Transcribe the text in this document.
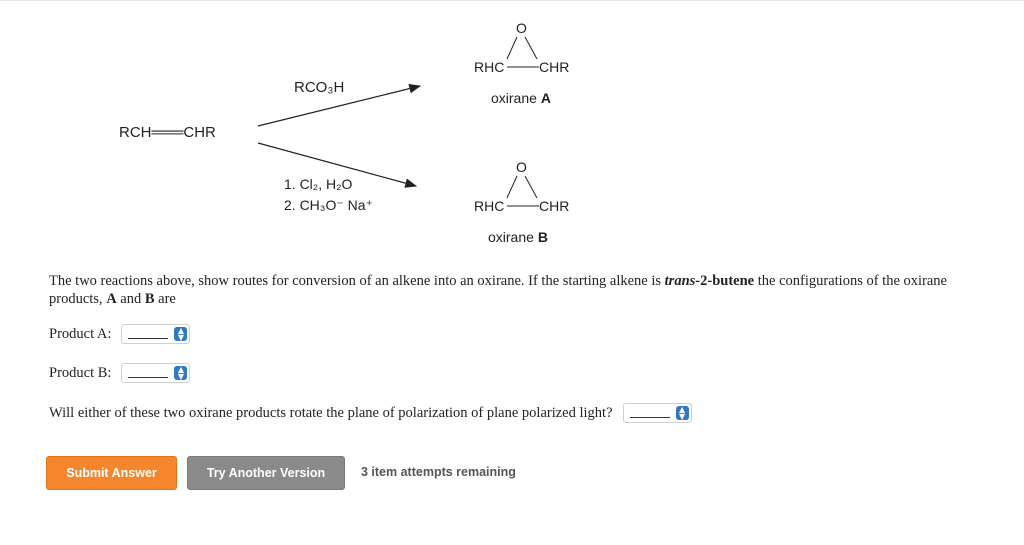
RCH═══CHR
RCO₃H
1. Cl₂, H₂O
2. CH₃O⁻ Na⁺
O
RHC CHR
oxirane A
O
RHC CHR
oxirane B
The two reactions above, show routes for conversion of an alkene into an oxirane. If the starting alkene is trans-2-butene the configurations of the oxirane products, A and B are
Product A:	▲
▼
Product B:	▲
▼
Will either of these two oxirane products rotate the plane of polarization of plane polarized light?	▲
▼
Submit Answer	Try Another Version	3 item attempts remaining
